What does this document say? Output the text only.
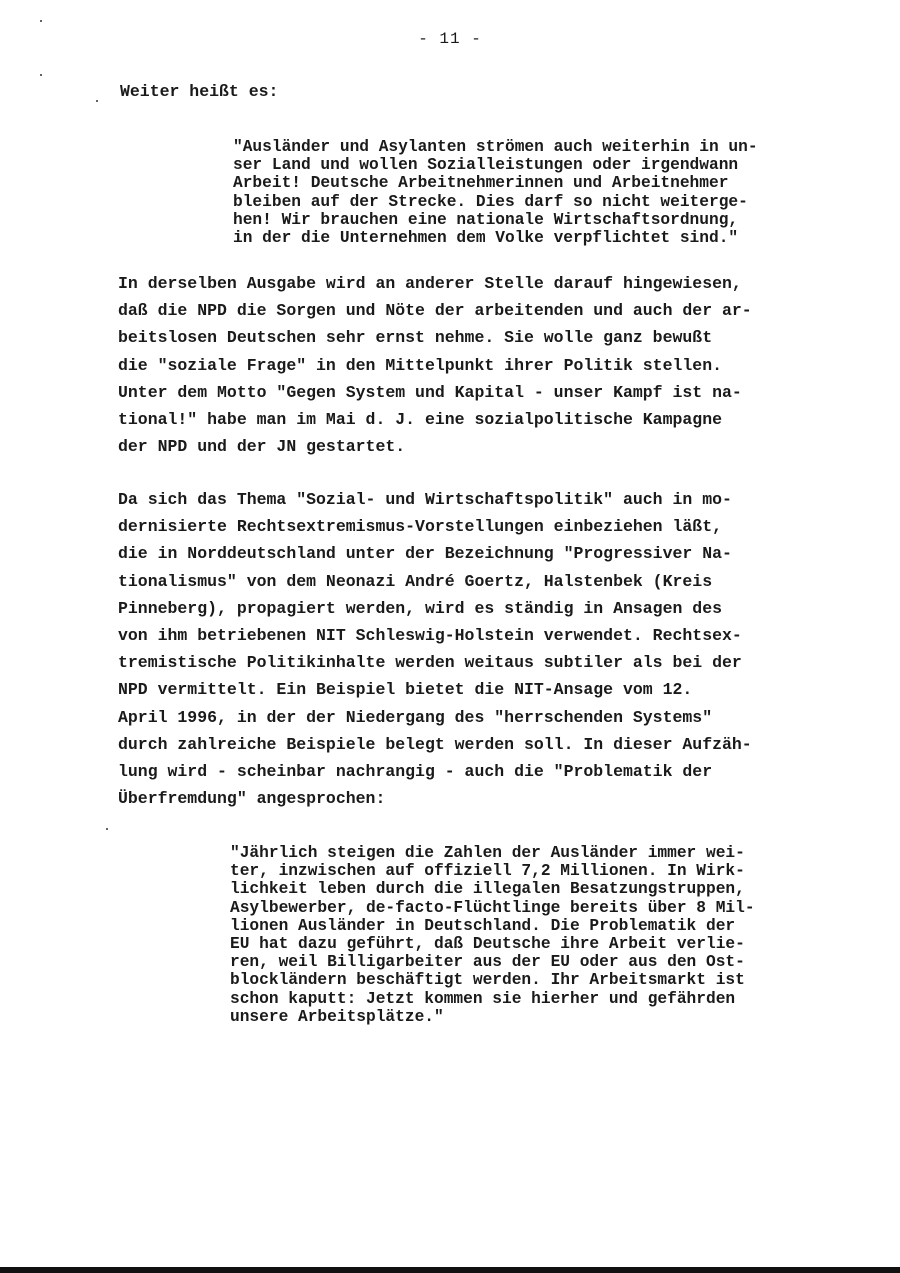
- 11 -

Weiter heißt es:

"Ausländer und Asylanten strömen auch weiterhin in un-
ser Land und wollen Sozialleistungen oder irgendwann
Arbeit! Deutsche Arbeitnehmerinnen und Arbeitnehmer
bleiben auf der Strecke. Dies darf so nicht weiterge-
hen! Wir brauchen eine nationale Wirtschaftsordnung,
in der die Unternehmen dem Volke verpflichtet sind."

In derselben Ausgabe wird an anderer Stelle darauf hingewiesen,
daß die NPD die Sorgen und Nöte der arbeitenden und auch der ar-
beitslosen Deutschen sehr ernst nehme. Sie wolle ganz bewußt
die "soziale Frage" in den Mittelpunkt ihrer Politik stellen.
Unter dem Motto "Gegen System und Kapital - unser Kampf ist na-
tional!" habe man im Mai d. J. eine sozialpolitische Kampagne
der NPD und der JN gestartet.

Da sich das Thema "Sozial- und Wirtschaftspolitik" auch in mo-
dernisierte Rechtsextremismus-Vorstellungen einbeziehen läßt,
die in Norddeutschland unter der Bezeichnung "Progressiver Na-
tionalismus" von dem Neonazi André Goertz, Halstenbek (Kreis
Pinneberg), propagiert werden, wird es ständig in Ansagen des
von ihm betriebenen NIT Schleswig-Holstein verwendet. Rechtsex-
tremistische Politikinhalte werden weitaus subtiler als bei der
NPD vermittelt. Ein Beispiel bietet die NIT-Ansage vom 12.
April 1996, in der der Niedergang des "herrschenden Systems"
durch zahlreiche Beispiele belegt werden soll. In dieser Aufzäh-
lung wird - scheinbar nachrangig - auch die "Problematik der
Überfremdung" angesprochen:

"Jährlich steigen die Zahlen der Ausländer immer wei-
ter, inzwischen auf offiziell 7,2 Millionen. In Wirk-
lichkeit leben durch die illegalen Besatzungstruppen,
Asylbewerber, de-facto-Flüchtlinge bereits über 8 Mil-
lionen Ausländer in Deutschland. Die Problematik der
EU hat dazu geführt, daß Deutsche ihre Arbeit verlie-
ren, weil Billigarbeiter aus der EU oder aus den Ost-
blockländern beschäftigt werden. Ihr Arbeitsmarkt ist
schon kaputt: Jetzt kommen sie hierher und gefährden
unsere Arbeitsplätze."
